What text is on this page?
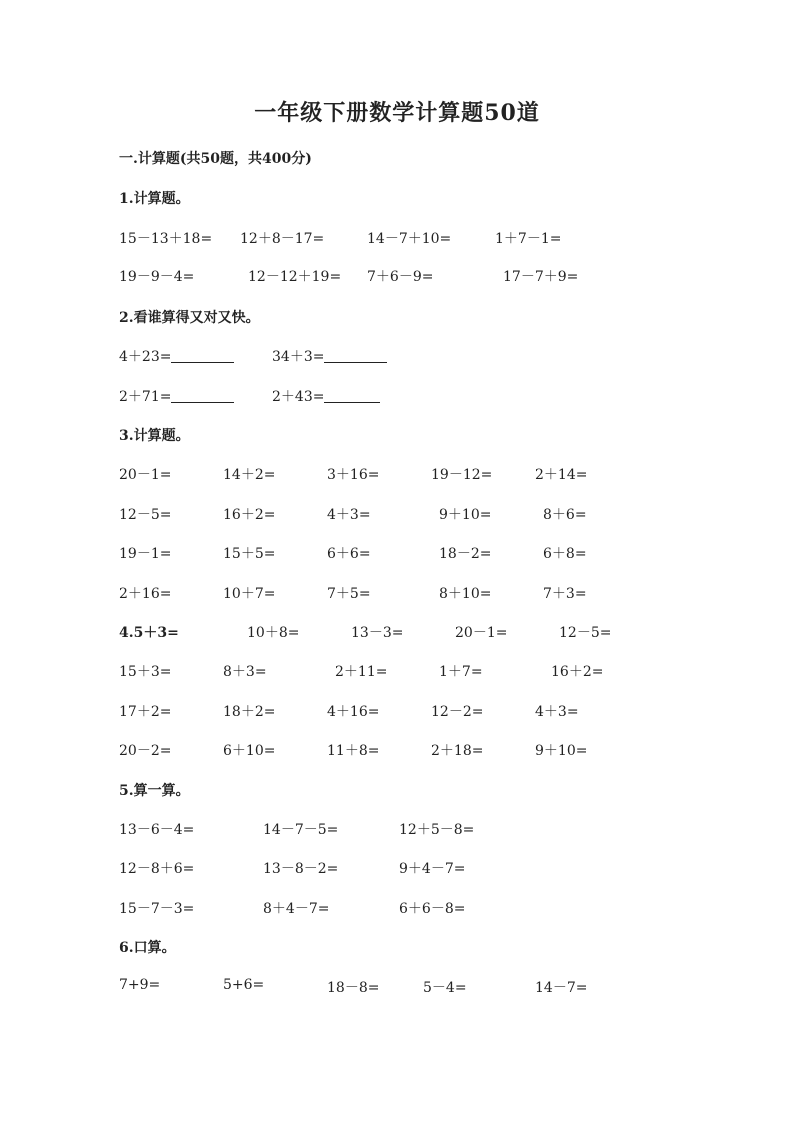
一年级下册数学计算题50道
一.计算题(共50题，共400分)
1.计算题。
15－13＋18= 12＋8－17=	14－7＋10=	1＋7－1=
19－9－4=	12－12＋19= 7＋6－9=	17－7＋9=
2.看谁算得又对又快。
4＋23=	34＋3=
2＋71=	2＋43=
3.计算题。
20－1=	14＋2=	3＋16=	19－12=	2＋14=
12－5=	16＋2=	4＋3=	9＋10=	8＋6=
19－1=	15＋5=	6＋6=	18－2=	6＋8=
2＋16=	10＋7=	7＋5=	8＋10=	7＋3=
4.5＋3=	10＋8=	13－3=	20－1=	12－5=
15＋3=	8＋3=	2＋11=	1＋7=	16＋2=
17＋2=	18＋2=	4＋16=	12－2=	4＋3=
20－2=	6＋10=	11＋8=	2＋18=	9＋10=
5.算一算。
13－6－4=	14－7－5=	12＋5－8=
12－8＋6=	13－8－2=	9＋4－7=
15－7－3=	8＋4－7=	6＋6－8=
6.口算。
7+9=	5+6=	18－8=	5－4=	14－7=
